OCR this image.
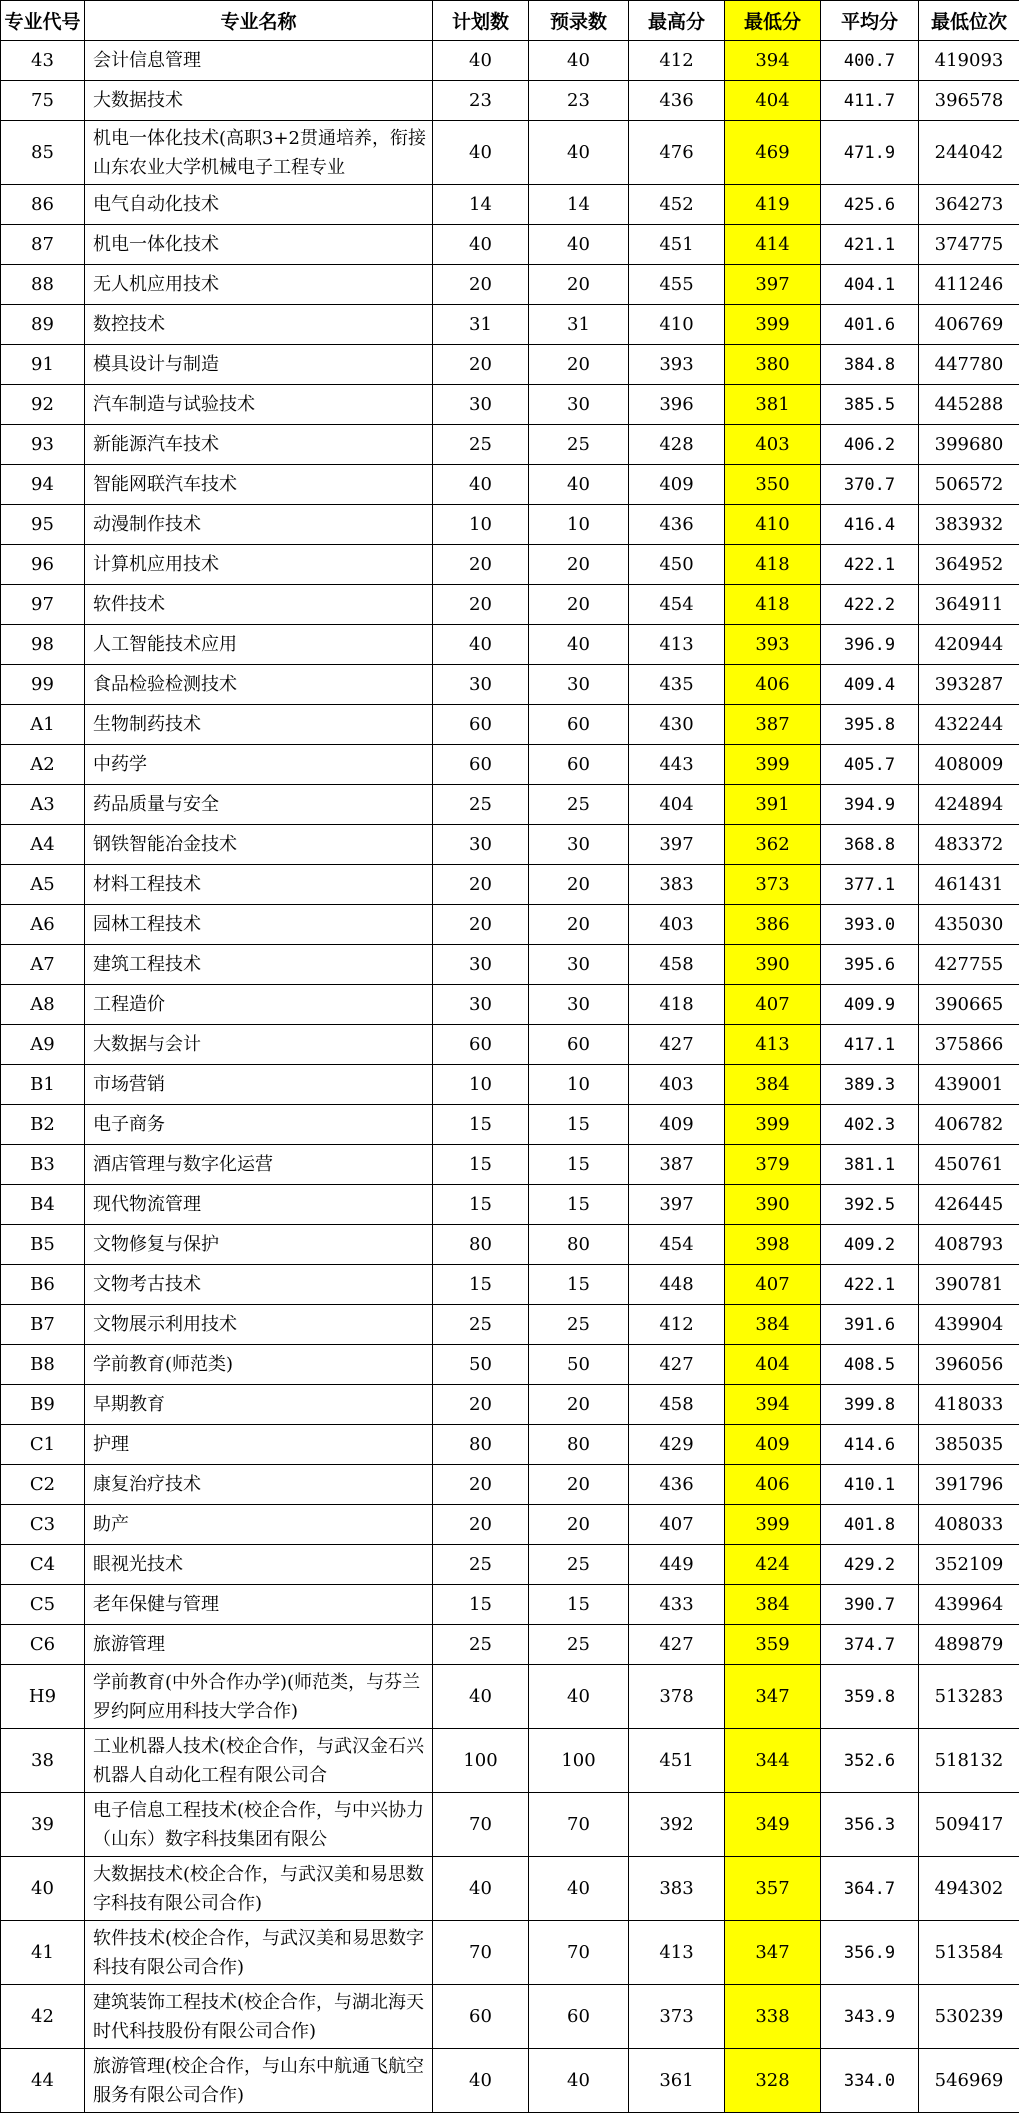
专业代号	专业名称	计划数	预录数	最高分	最低分	平均分	最低位次
43	会计信息管理	40	40	412	394	400.7	419093
75	大数据技术	23	23	436	404	411.7	396578
85	机电一体化技术(高职3+2贯通培养，衔接山东农业大学机械电子工程专业	40	40	476	469	471.9	244042
86	电气自动化技术	14	14	452	419	425.6	364273
87	机电一体化技术	40	40	451	414	421.1	374775
88	无人机应用技术	20	20	455	397	404.1	411246
89	数控技术	31	31	410	399	401.6	406769
91	模具设计与制造	20	20	393	380	384.8	447780
92	汽车制造与试验技术	30	30	396	381	385.5	445288
93	新能源汽车技术	25	25	428	403	406.2	399680
94	智能网联汽车技术	40	40	409	350	370.7	506572
95	动漫制作技术	10	10	436	410	416.4	383932
96	计算机应用技术	20	20	450	418	422.1	364952
97	软件技术	20	20	454	418	422.2	364911
98	人工智能技术应用	40	40	413	393	396.9	420944
99	食品检验检测技术	30	30	435	406	409.4	393287
A1	生物制药技术	60	60	430	387	395.8	432244
A2	中药学	60	60	443	399	405.7	408009
A3	药品质量与安全	25	25	404	391	394.9	424894
A4	钢铁智能冶金技术	30	30	397	362	368.8	483372
A5	材料工程技术	20	20	383	373	377.1	461431
A6	园林工程技术	20	20	403	386	393.0	435030
A7	建筑工程技术	30	30	458	390	395.6	427755
A8	工程造价	30	30	418	407	409.9	390665
A9	大数据与会计	60	60	427	413	417.1	375866
B1	市场营销	10	10	403	384	389.3	439001
B2	电子商务	15	15	409	399	402.3	406782
B3	酒店管理与数字化运营	15	15	387	379	381.1	450761
B4	现代物流管理	15	15	397	390	392.5	426445
B5	文物修复与保护	80	80	454	398	409.2	408793
B6	文物考古技术	15	15	448	407	422.1	390781
B7	文物展示利用技术	25	25	412	384	391.6	439904
B8	学前教育(师范类)	50	50	427	404	408.5	396056
B9	早期教育	20	20	458	394	399.8	418033
C1	护理	80	80	429	409	414.6	385035
C2	康复治疗技术	20	20	436	406	410.1	391796
C3	助产	20	20	407	399	401.8	408033
C4	眼视光技术	25	25	449	424	429.2	352109
C5	老年保健与管理	15	15	433	384	390.7	439964
C6	旅游管理	25	25	427	359	374.7	489879
H9	学前教育(中外合作办学)(师范类，与芬兰罗约阿应用科技大学合作)	40	40	378	347	359.8	513283
38	工业机器人技术(校企合作，与武汉金石兴机器人自动化工程有限公司合	100	100	451	344	352.6	518132
39	电子信息工程技术(校企合作，与中兴协力（山东）数字科技集团有限公	70	70	392	349	356.3	509417
40	大数据技术(校企合作，与武汉美和易思数字科技有限公司合作)	40	40	383	357	364.7	494302
41	软件技术(校企合作，与武汉美和易思数字科技有限公司合作)	70	70	413	347	356.9	513584
42	建筑装饰工程技术(校企合作，与湖北海天时代科技股份有限公司合作)	60	60	373	338	343.9	530239
44	旅游管理(校企合作，与山东中航通飞航空服务有限公司合作)	40	40	361	328	334.0	546969
